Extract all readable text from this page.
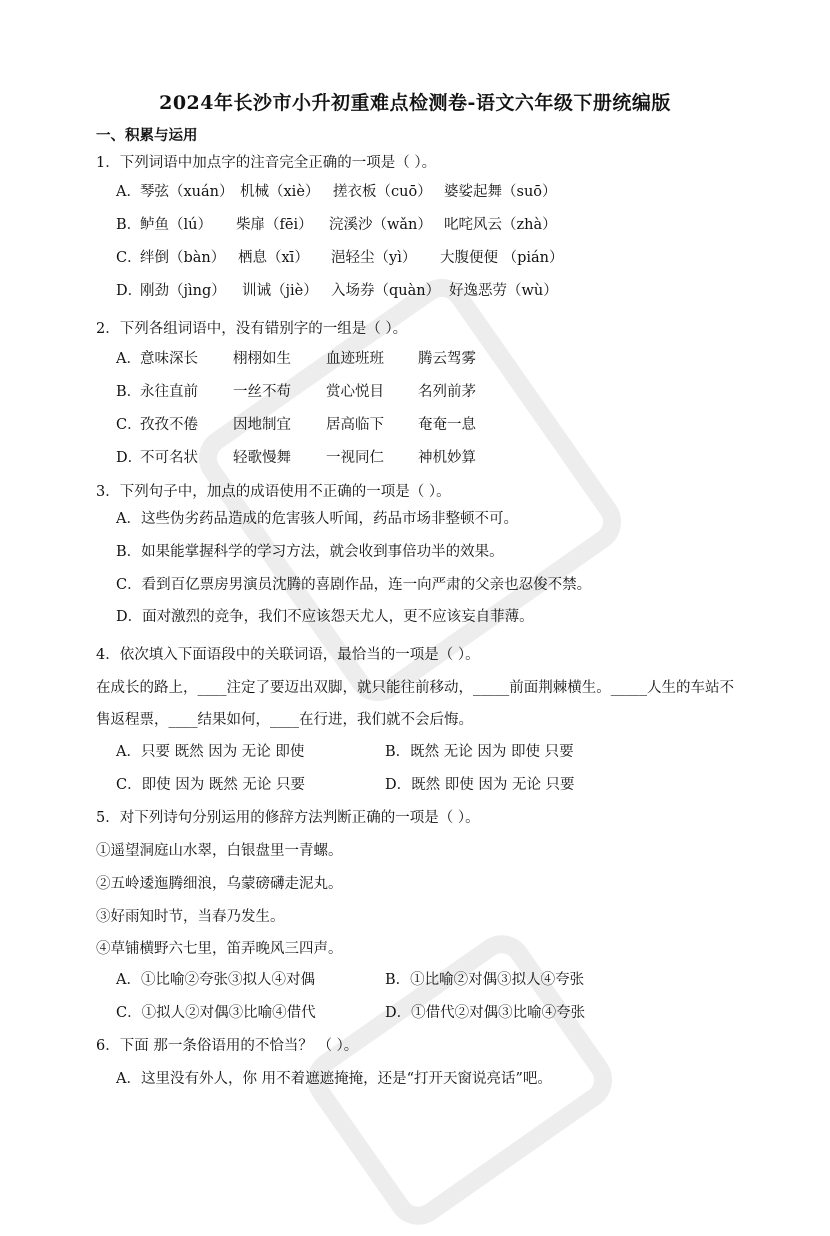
2024年长沙市小升初重难点检测卷-语文六年级下册统编版
一、积累与运用
1．下列词语中加点字的注音完全正确的一项是（ ）。
A． 琴弦（xuán） 机械（xiè） 搓衣板（cuō） 婆娑起舞（suō）
B．
鲈鱼（lú） 柴扉（fēi） 浣溪沙（wǎn） 叱咤风云（zhà）
C．
绊倒（bàn） 栖息（xī） 浥轻尘（yì） 大腹便便 （pián）
D．
刚劲（jìng） 训诫（jiè） 入场券（quàn） 好逸恶劳（wù）
2．下列各组词语中，没有错别字的一组是（ ）。
A． 意味深长 栩栩如生 血迹班班 腾云驾雾
B．
永往直前 一丝不苟 赏心悦目 名列前茅
C．
孜孜不倦 因地制宜 居高临下 奄奄一息
D．
不可名状 轻歌慢舞 一视同仁 神机妙算
3．下列句子中，加点的成语使用不正确的一项是（ ）。
A．这些伪劣药品造成的危害骇人听闻，药品市场非整顿不可。
B．如果能掌握科学的学习方法，就会收到事倍功半的效果。
C．看到百亿票房男演员沈腾的喜剧作品，连一向严肃的父亲也忍俊不禁。
D．面对激烈的竞争，我们不应该怨天尤人，更不应该妄自菲薄。
4．依次填入下面语段中的关联词语，最恰当的一项是（ ）。
在成长的路上，____注定了要迈出双脚，就只能往前移动，_____前面荆棘横生。_____人生的车站不
售返程票，____结果如何，____在行进，我们就不会后悔。
A．只要 既然 因为 无论 即使	B．既然 无论 因为 即使 只要
C．即使 因为 既然 无论 只要	D．既然 即使 因为 无论 只要
5．对下列诗句分别运用的修辞方法判断正确的一项是（ ）。
①遥望洞庭山水翠，白银盘里一青螺。
②五岭逶迤腾细浪，乌蒙磅礴走泥丸。
③好雨知时节，当春乃发生。
④草铺横野六七里，笛弄晚风三四声。
A．①比喻②夸张③拟人④对偶	B．①比喻②对偶③拟人④夸张
C．①拟人②对偶③比喻④借代	D．①借代②对偶③比喻④夸张
6．下面 那一条俗语用的不恰当？ （ ）。
A．这里没有外人，你 用不着遮遮掩掩，还是“打开天窗说亮话”吧。
